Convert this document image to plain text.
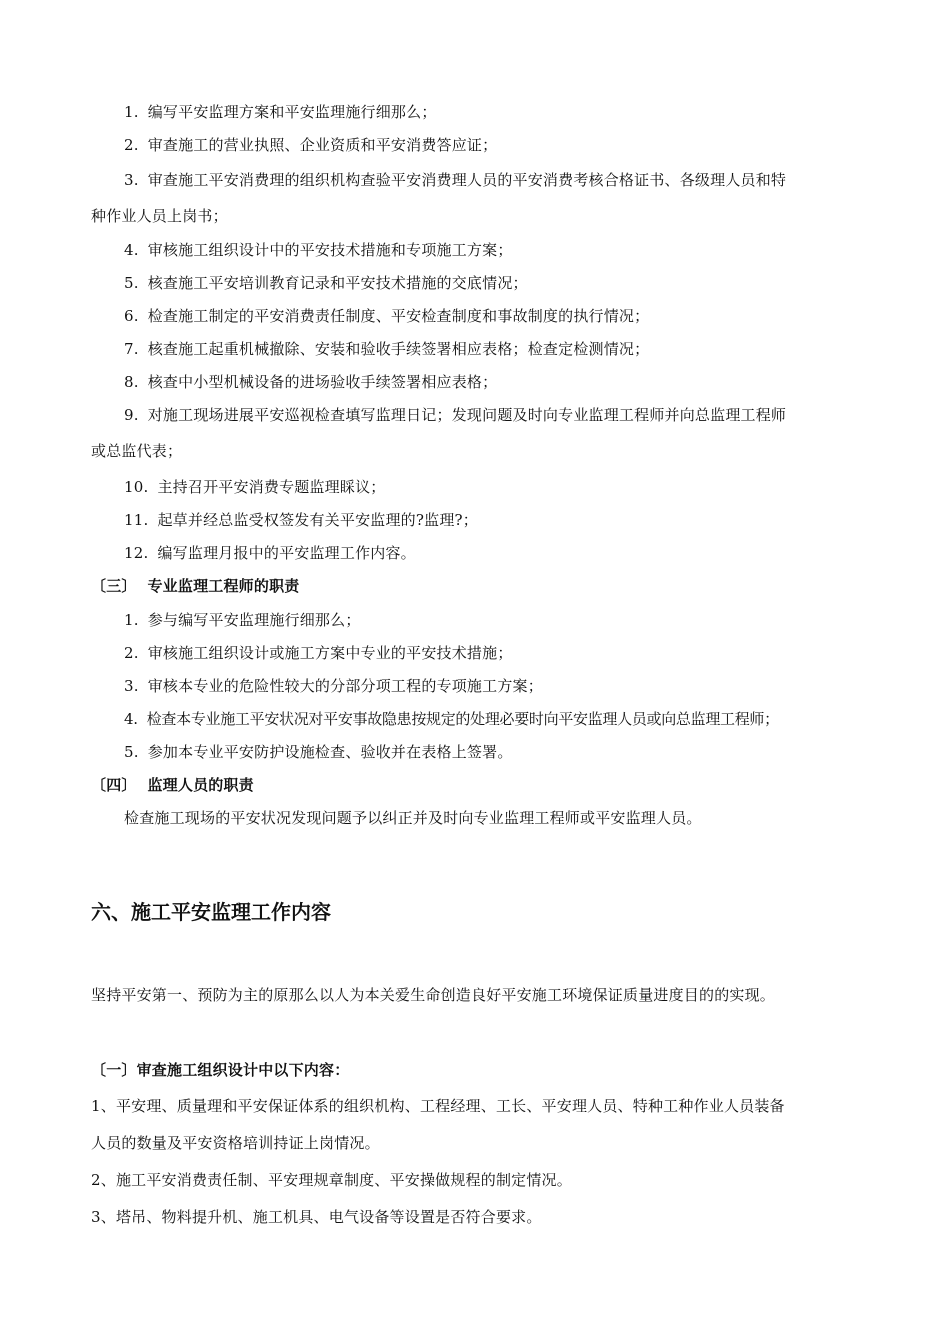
1. 编写平安监理方案和平安监理施行细那么；
2. 审查施工的营业执照、企业资质和平安消费答应证；
3. 审查施工平安消费理的组织机构查验平安消费理人员的平安消费考核合格证书、各级理人员和特
种作业人员上岗书；
4. 审核施工组织设计中的平安技术措施和专项施工方案；
5. 核查施工平安培训教育记录和平安技术措施的交底情况；
6. 检查施工制定的平安消费责任制度、平安检查制度和事故制度的执行情况；
7. 核查施工起重机械撤除、安装和验收手续签署相应表格；检查定检测情况；
8. 核查中小型机械设备的进场验收手续签署相应表格；
9. 对施工现场进展平安巡视检查填写监理日记；发现问题及时向专业监理工程师并向总监理工程师
或总监代表；
10. 主持召开平安消费专题监理睬议；
11. 起草并经总监受权签发有关平安监理的?监理?；
12. 编写监理月报中的平安监理工作内容。
〔三〕 专业监理工程师的职责
1. 参与编写平安监理施行细那么；
2. 审核施工组织设计或施工方案中专业的平安技术措施；
3. 审核本专业的危险性较大的分部分项工程的专项施工方案；
4. 检查本专业施工平安状况对平安事故隐患按规定的处理必要时向平安监理人员或向总监理工程师；
5. 参加本专业平安防护设施检查、验收并在表格上签署。
〔四〕 监理人员的职责
检查施工现场的平安状况发现问题予以纠正并及时向专业监理工程师或平安监理人员。
六、施工平安监理工作内容
坚持平安第一、预防为主的原那么以人为本关爱生命创造良好平安施工环境保证质量进度目的的实现。
〔一〕审查施工组织设计中以下内容：
1、平安理、质量理和平安保证体系的组织机构、工程经理、工长、平安理人员、特种工种作业人员装备
人员的数量及平安资格培训持证上岗情况。
2、施工平安消费责任制、平安理规章制度、平安操做规程的制定情况。
3、塔吊、物料提升机、施工机具、电气设备等设置是否符合要求。
